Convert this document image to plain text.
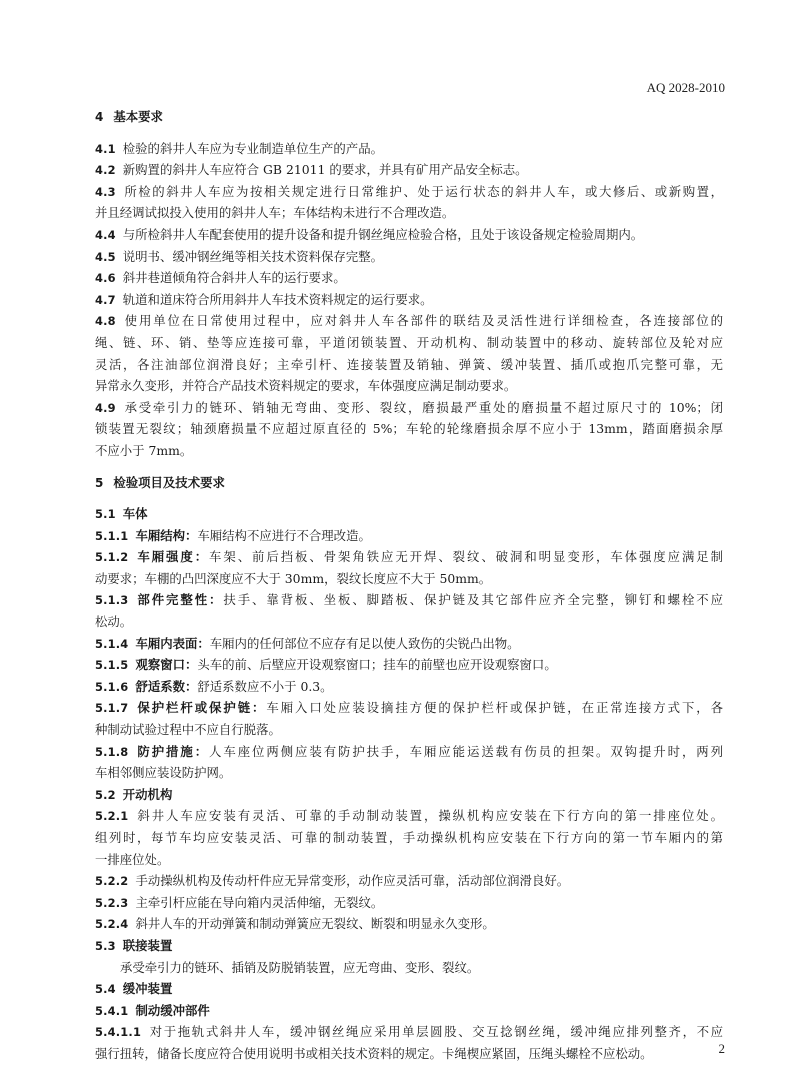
AQ 2028-2010
4 基本要求
4.1 检验的斜井人车应为专业制造单位生产的产品。
4.2 新购置的斜井人车应符合 GB 21011 的要求，并具有矿用产品安全标志。
4.3 所检的斜井人车应为按相关规定进行日常维护、处于运行状态的斜井人车，或大修后、或新购置，
并且经调试拟投入使用的斜井人车；车体结构未进行不合理改造。
4.4 与所检斜井人车配套使用的提升设备和提升钢丝绳应检验合格，且处于该设备规定检验周期内。
4.5 说明书、缓冲钢丝绳等相关技术资料保存完整。
4.6 斜井巷道倾角符合斜井人车的运行要求。
4.7 轨道和道床符合所用斜井人车技术资料规定的运行要求。
4.8 使用单位在日常使用过程中，应对斜井人车各部件的联结及灵活性进行详细检查，各连接部位的
绳、链、环、销、垫等应连接可靠，平道闭锁装置、开动机构、制动装置中的移动、旋转部位及轮对应
灵活，各注油部位润滑良好；主牵引杆、连接装置及销轴、弹簧、缓冲装置、插爪或抱爪完整可靠，无
异常永久变形，并符合产品技术资料规定的要求，车体强度应满足制动要求。
4.9 承受牵引力的链环、销轴无弯曲、变形、裂纹，磨损最严重处的磨损量不超过原尺寸的 10%；闭
锁装置无裂纹；轴颈磨损量不应超过原直径的 5%；车轮的轮缘磨损余厚不应小于 13mm，踏面磨损余厚
不应小于 7mm。
5 检验项目及技术要求
5.1 车体
5.1.1 车厢结构：车厢结构不应进行不合理改造。
5.1.2 车厢强度：车架、前后挡板、骨架角铁应无开焊、裂纹、破洞和明显变形，车体强度应满足制
动要求；车棚的凸凹深度应不大于 30mm，裂纹长度应不大于 50mm。
5.1.3 部件完整性：扶手、靠背板、坐板、脚踏板、保护链及其它部件应齐全完整，铆钉和螺栓不应
松动。
5.1.4 车厢内表面：车厢内的任何部位不应存有足以使人致伤的尖锐凸出物。
5.1.5 观察窗口：头车的前、后壁应开设观察窗口；挂车的前壁也应开设观察窗口。
5.1.6 舒适系数：舒适系数应不小于 0.3。
5.1.7 保护栏杆或保护链：车厢入口处应装设摘挂方便的保护栏杆或保护链，在正常连接方式下，各
种制动试验过程中不应自行脱落。
5.1.8 防护措施：人车座位两侧应装有防护扶手，车厢应能运送载有伤员的担架。双钩提升时，两列
车相邻侧应装设防护网。
5.2 开动机构
5.2.1 斜井人车应安装有灵活、可靠的手动制动装置，操纵机构应安装在下行方向的第一排座位处。
组列时，每节车均应安装灵活、可靠的制动装置，手动操纵机构应安装在下行方向的第一节车厢内的第
一排座位处。
5.2.2 手动操纵机构及传动杆件应无异常变形，动作应灵活可靠，活动部位润滑良好。
5.2.3 主牵引杆应能在导向箱内灵活伸缩，无裂纹。
5.2.4 斜井人车的开动弹簧和制动弹簧应无裂纹、断裂和明显永久变形。
5.3 联接装置
承受牵引力的链环、插销及防脱销装置，应无弯曲、变形、裂纹。
5.4 缓冲装置
5.4.1 制动缓冲部件
5.4.1.1 对于拖轨式斜井人车，缓冲钢丝绳应采用单层圆股、交互捻钢丝绳，缓冲绳应排列整齐，不应
强行扭转，储备长度应符合使用说明书或相关技术资料的规定。卡绳楔应紧固，压绳头螺栓不应松动。	2
